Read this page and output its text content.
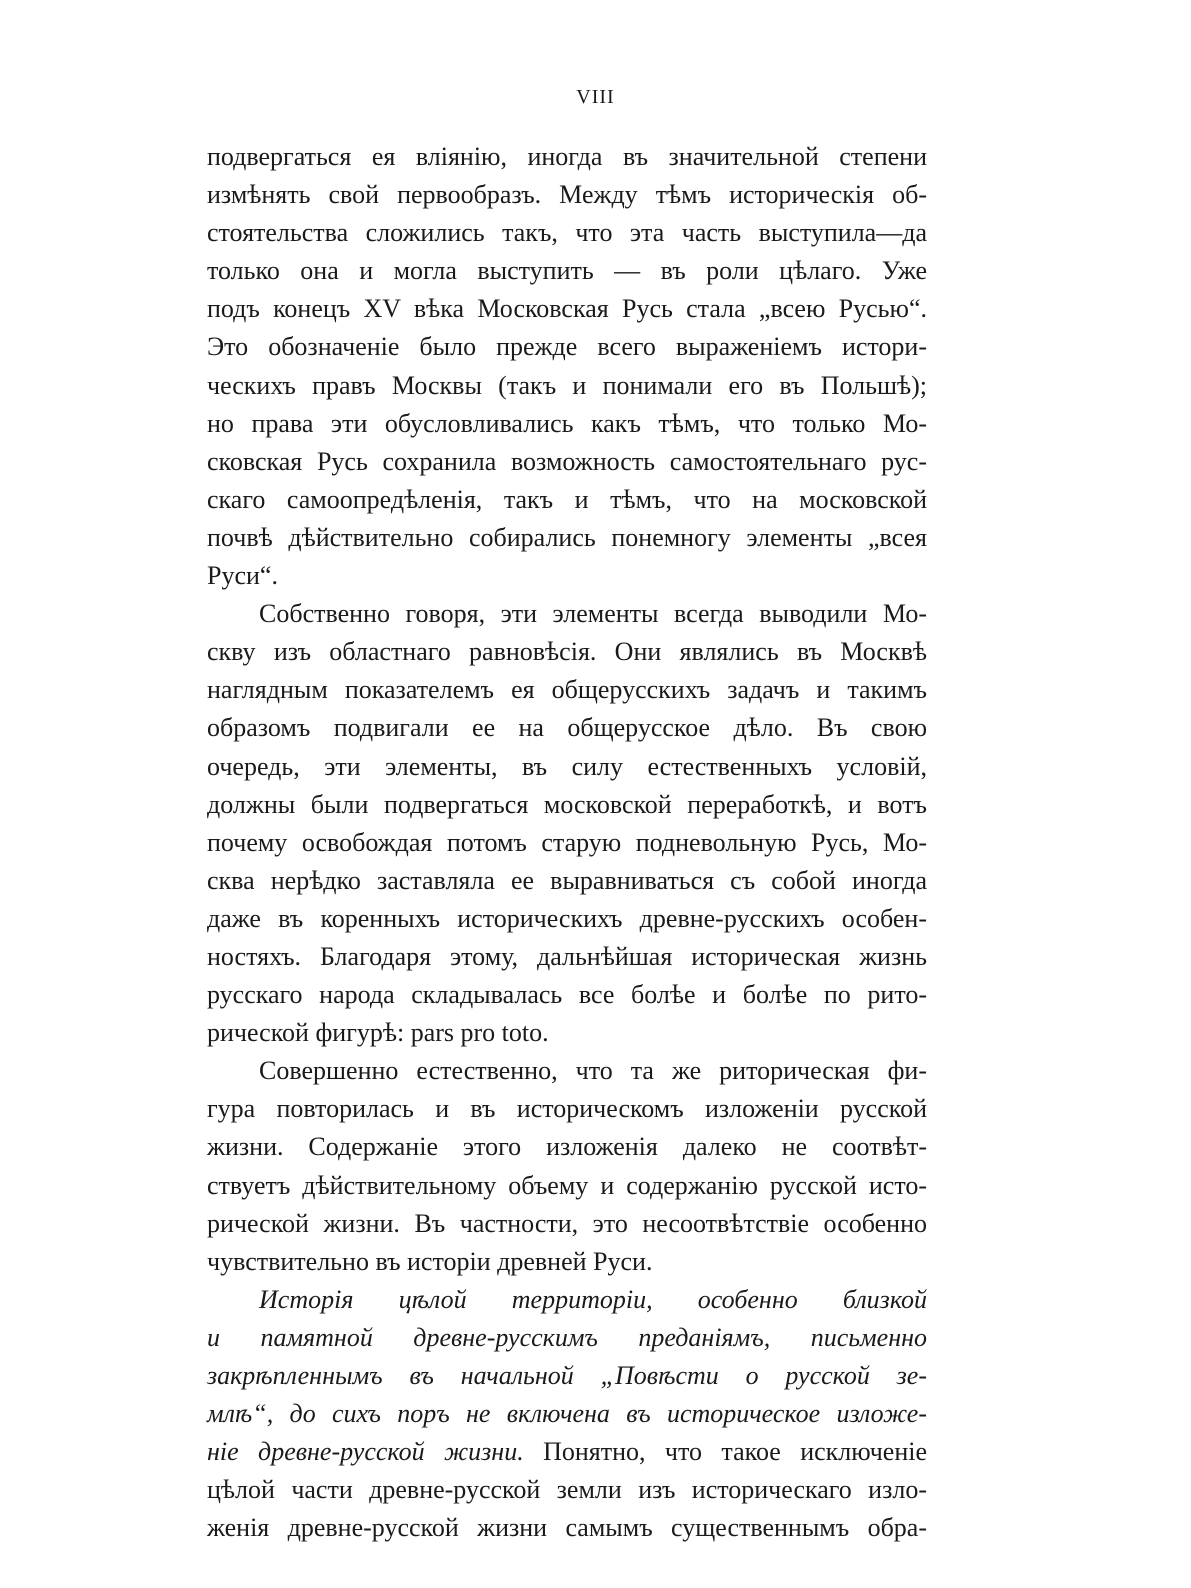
VIII
подвергаться ея вліянію, иногда въ значительной степени
измѣнять свой первообразъ. Между тѣмъ историческія об-
стоятельства сложились такъ, что эта часть выступила—да
только она и могла выступить — въ роли цѣлаго. Уже
подъ конецъ XV вѣка Московская Русь стала „всею Русью“.
Это обозначеніе было прежде всего выраженіемъ истори-
ческихъ правъ Москвы (такъ и понимали его въ Польшѣ);
но права эти обусловливались какъ тѣмъ, что только Мо-
сковская Русь сохранила возможность самостоятельнаго рус-
скаго самоопредѣленія, такъ и тѣмъ, что на московской
почвѣ дѣйствительно собирались понемногу элементы „всея
Руси“.
Собственно говоря, эти элементы всегда выводили Мо-
скву изъ областнаго равновѣсія. Они являлись въ Москвѣ
наглядным показателемъ ея общерусскихъ задачъ и такимъ
образомъ подвигали ее на общерусское дѣло. Въ свою
очередь, эти элементы, въ силу естественныхъ условій,
должны были подвергаться московской переработкѣ, и вотъ
почему освобождая потомъ старую подневольную Русь, Мо-
сква нерѣдко заставляла ее выравниваться съ собой иногда
даже въ коренныхъ историческихъ древне-русскихъ особен-
ностяхъ. Благодаря этому, дальнѣйшая историческая жизнь
русскаго народа складывалась все болѣе и болѣе по рито-
рической фигурѣ: pars pro toto.
Совершенно естественно, что та же риторическая фи-
гура повторилась и въ историческомъ изложеніи русской
жизни. Содержаніе этого изложенія далеко не соотвѣт-
ствуетъ дѣйствительному объему и содержанію русской исто-
рической жизни. Въ частности, это несоотвѣтствіе особенно
чувствительно въ исторіи древней Руси.
Исторія цѣлой территоріи, особенно близкой
и памятной древне-русскимъ преданіямъ, письменно
закрѣпленнымъ въ начальной „Повѣсти о русской зе-
млѣ“, до сихъ поръ не включена въ историческое изложе-
ніе древне-русской жизни. Понятно, что такое исключеніе
цѣлой части древне-русской земли изъ историческаго изло-
женія древне-русской жизни самымъ существеннымъ обра-
